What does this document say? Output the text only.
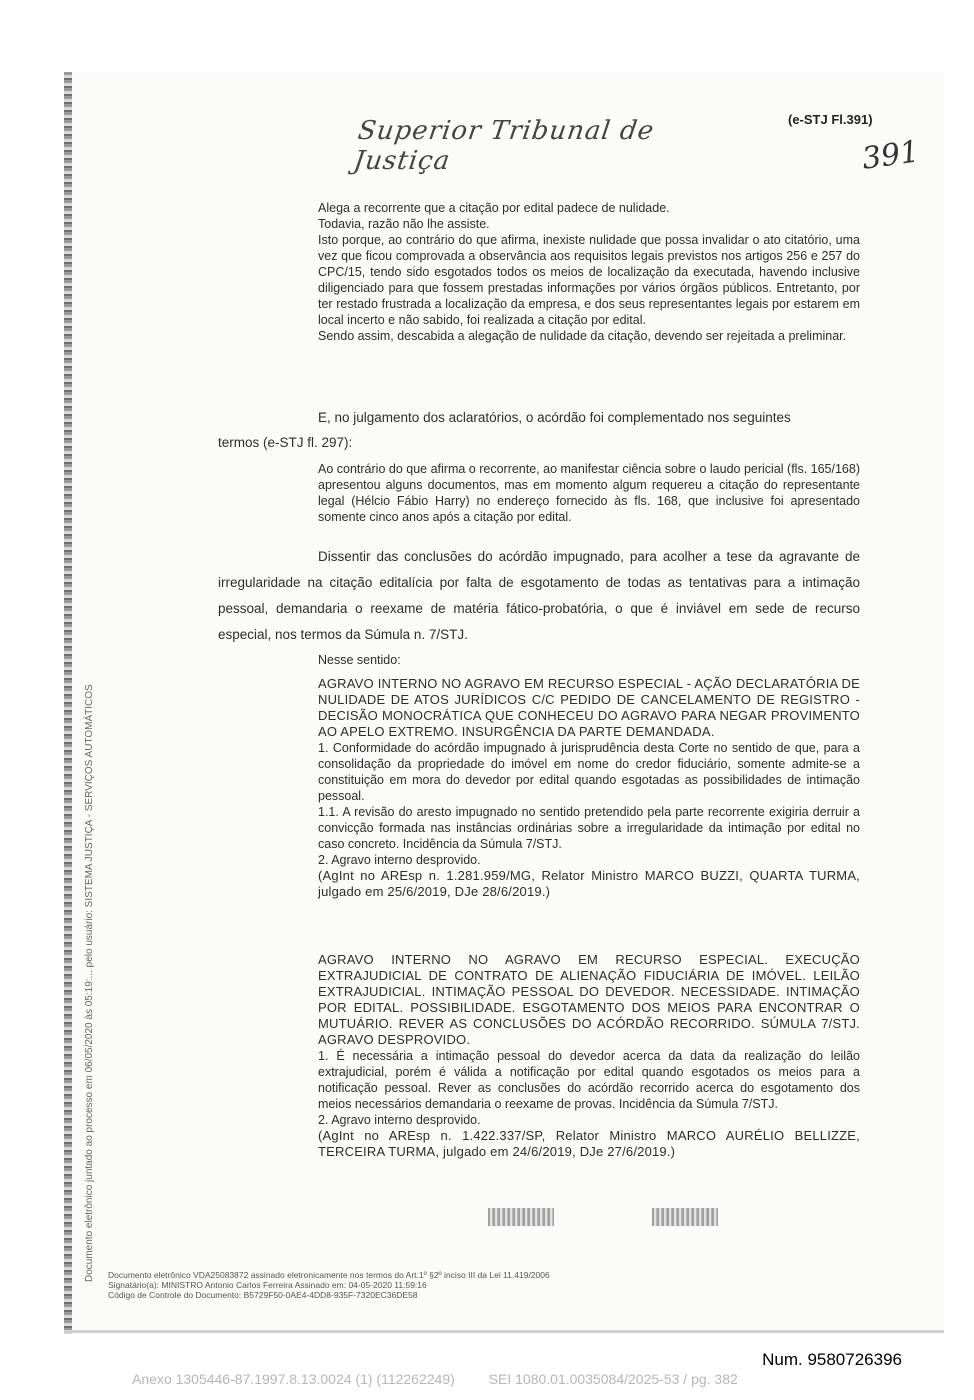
Superior Tribunal de Justiça
(e-STJ Fl.391)
391
Documento eletrônico juntado ao processo em 06/05/2020 às 05:19:... pelo usuário: SISTEMA JUSTIÇA - SERVIÇOS AUTOMÁTICOS
Alega a recorrente que a citação por edital padece de nulidade.
Todavia, razão não lhe assiste.
Isto porque, ao contrário do que afirma, inexiste nulidade que possa invalidar o ato citatório, uma vez que ficou comprovada a observância aos requisitos legais previstos nos artigos 256 e 257 do CPC/15, tendo sido esgotados todos os meios de localização da executada, havendo inclusive diligenciado para que fossem prestadas informações por vários órgãos públicos. Entretanto, por ter restado frustrada a localização da empresa, e dos seus representantes legais por estarem em local incerto e não sabido, foi realizada a citação por edital.
Sendo assim, descabida a alegação de nulidade da citação, devendo ser rejeitada a preliminar.
E, no julgamento dos aclaratórios, o acórdão foi complementado nos seguintes
termos (e-STJ fl. 297):
Ao contrário do que afirma o recorrente, ao manifestar ciência sobre o laudo pericial (fls. 165/168) apresentou alguns documentos, mas em momento algum requereu a citação do representante legal (Hélcio Fábio Harry) no endereço fornecido às fls. 168, que inclusive foi apresentado somente cinco anos após a citação por edital.
Dissentir das conclusões do acórdão impugnado, para acolher a tese da agravante de irregularidade na citação editalícia por falta de esgotamento de todas as tentativas para a intimação pessoal, demandaria o reexame de matéria fático-probatória, o que é inviável em sede de recurso especial, nos termos da Súmula n. 7/STJ.
Nesse sentido:
AGRAVO INTERNO NO AGRAVO EM RECURSO ESPECIAL - AÇÃO DECLARATÓRIA DE NULIDADE DE ATOS JURÍDICOS C/C PEDIDO DE CANCELAMENTO DE REGISTRO - DECISÃO MONOCRÁTICA QUE CONHECEU DO AGRAVO PARA NEGAR PROVIMENTO AO APELO EXTREMO. INSURGÊNCIA DA PARTE DEMANDADA.
1. Conformidade do acórdão impugnado à jurisprudência desta Corte no sentido de que, para a consolidação da propriedade do imóvel em nome do credor fiduciário, somente admite-se a constituição em mora do devedor por edital quando esgotadas as possibilidades de intimação pessoal.
1.1. A revisão do aresto impugnado no sentido pretendido pela parte recorrente exigiria derruir a convicção formada nas instâncias ordinárias sobre a irregularidade da intimação por edital no caso concreto. Incidência da Súmula 7/STJ.
2. Agravo interno desprovido.
(AgInt no AREsp n. 1.281.959/MG, Relator Ministro MARCO BUZZI, QUARTA TURMA, julgado em 25/6/2019, DJe 28/6/2019.)
AGRAVO INTERNO NO AGRAVO EM RECURSO ESPECIAL. EXECUÇÃO EXTRAJUDICIAL DE CONTRATO DE ALIENAÇÃO FIDUCIÁRIA DE IMÓVEL. LEILÃO EXTRAJUDICIAL. INTIMAÇÃO PESSOAL DO DEVEDOR. NECESSIDADE. INTIMAÇÃO POR EDITAL. POSSIBILIDADE. ESGOTAMENTO DOS MEIOS PARA ENCONTRAR O MUTUÁRIO. REVER AS CONCLUSÕES DO ACÓRDÃO RECORRIDO. SÚMULA 7/STJ. AGRAVO DESPROVIDO.
1. É necessária a intimação pessoal do devedor acerca da data da realização do leilão extrajudicial, porém é válida a notificação por edital quando esgotados os meios para a notificação pessoal. Rever as conclusões do acórdão recorrido acerca do esgotamento dos meios necessários demandaria o reexame de provas. Incidência da Súmula 7/STJ.
2. Agravo interno desprovido.
(AgInt no AREsp n. 1.422.337/SP, Relator Ministro MARCO AURÉLIO BELLIZZE, TERCEIRA TURMA, julgado em 24/6/2019, DJe 27/6/2019.)
Documento eletrônico VDA25083872 assinado eletronicamente nos termos do Art.1º §2º inciso III da Lei 11.419/2006
Signatário(a): MINISTRO Antonio Carlos Ferreira Assinado em: 04-05-2020 11:59:16
Código de Controle do Documento: B5729F50-0AE4-4DD8-935F-7320EC36DE58
Num. 9580726396
Anexo 1305446-87.1997.8.13.0024 (1) (112262249) SEI 1080.01.0035084/2025-53 / pg. 382
